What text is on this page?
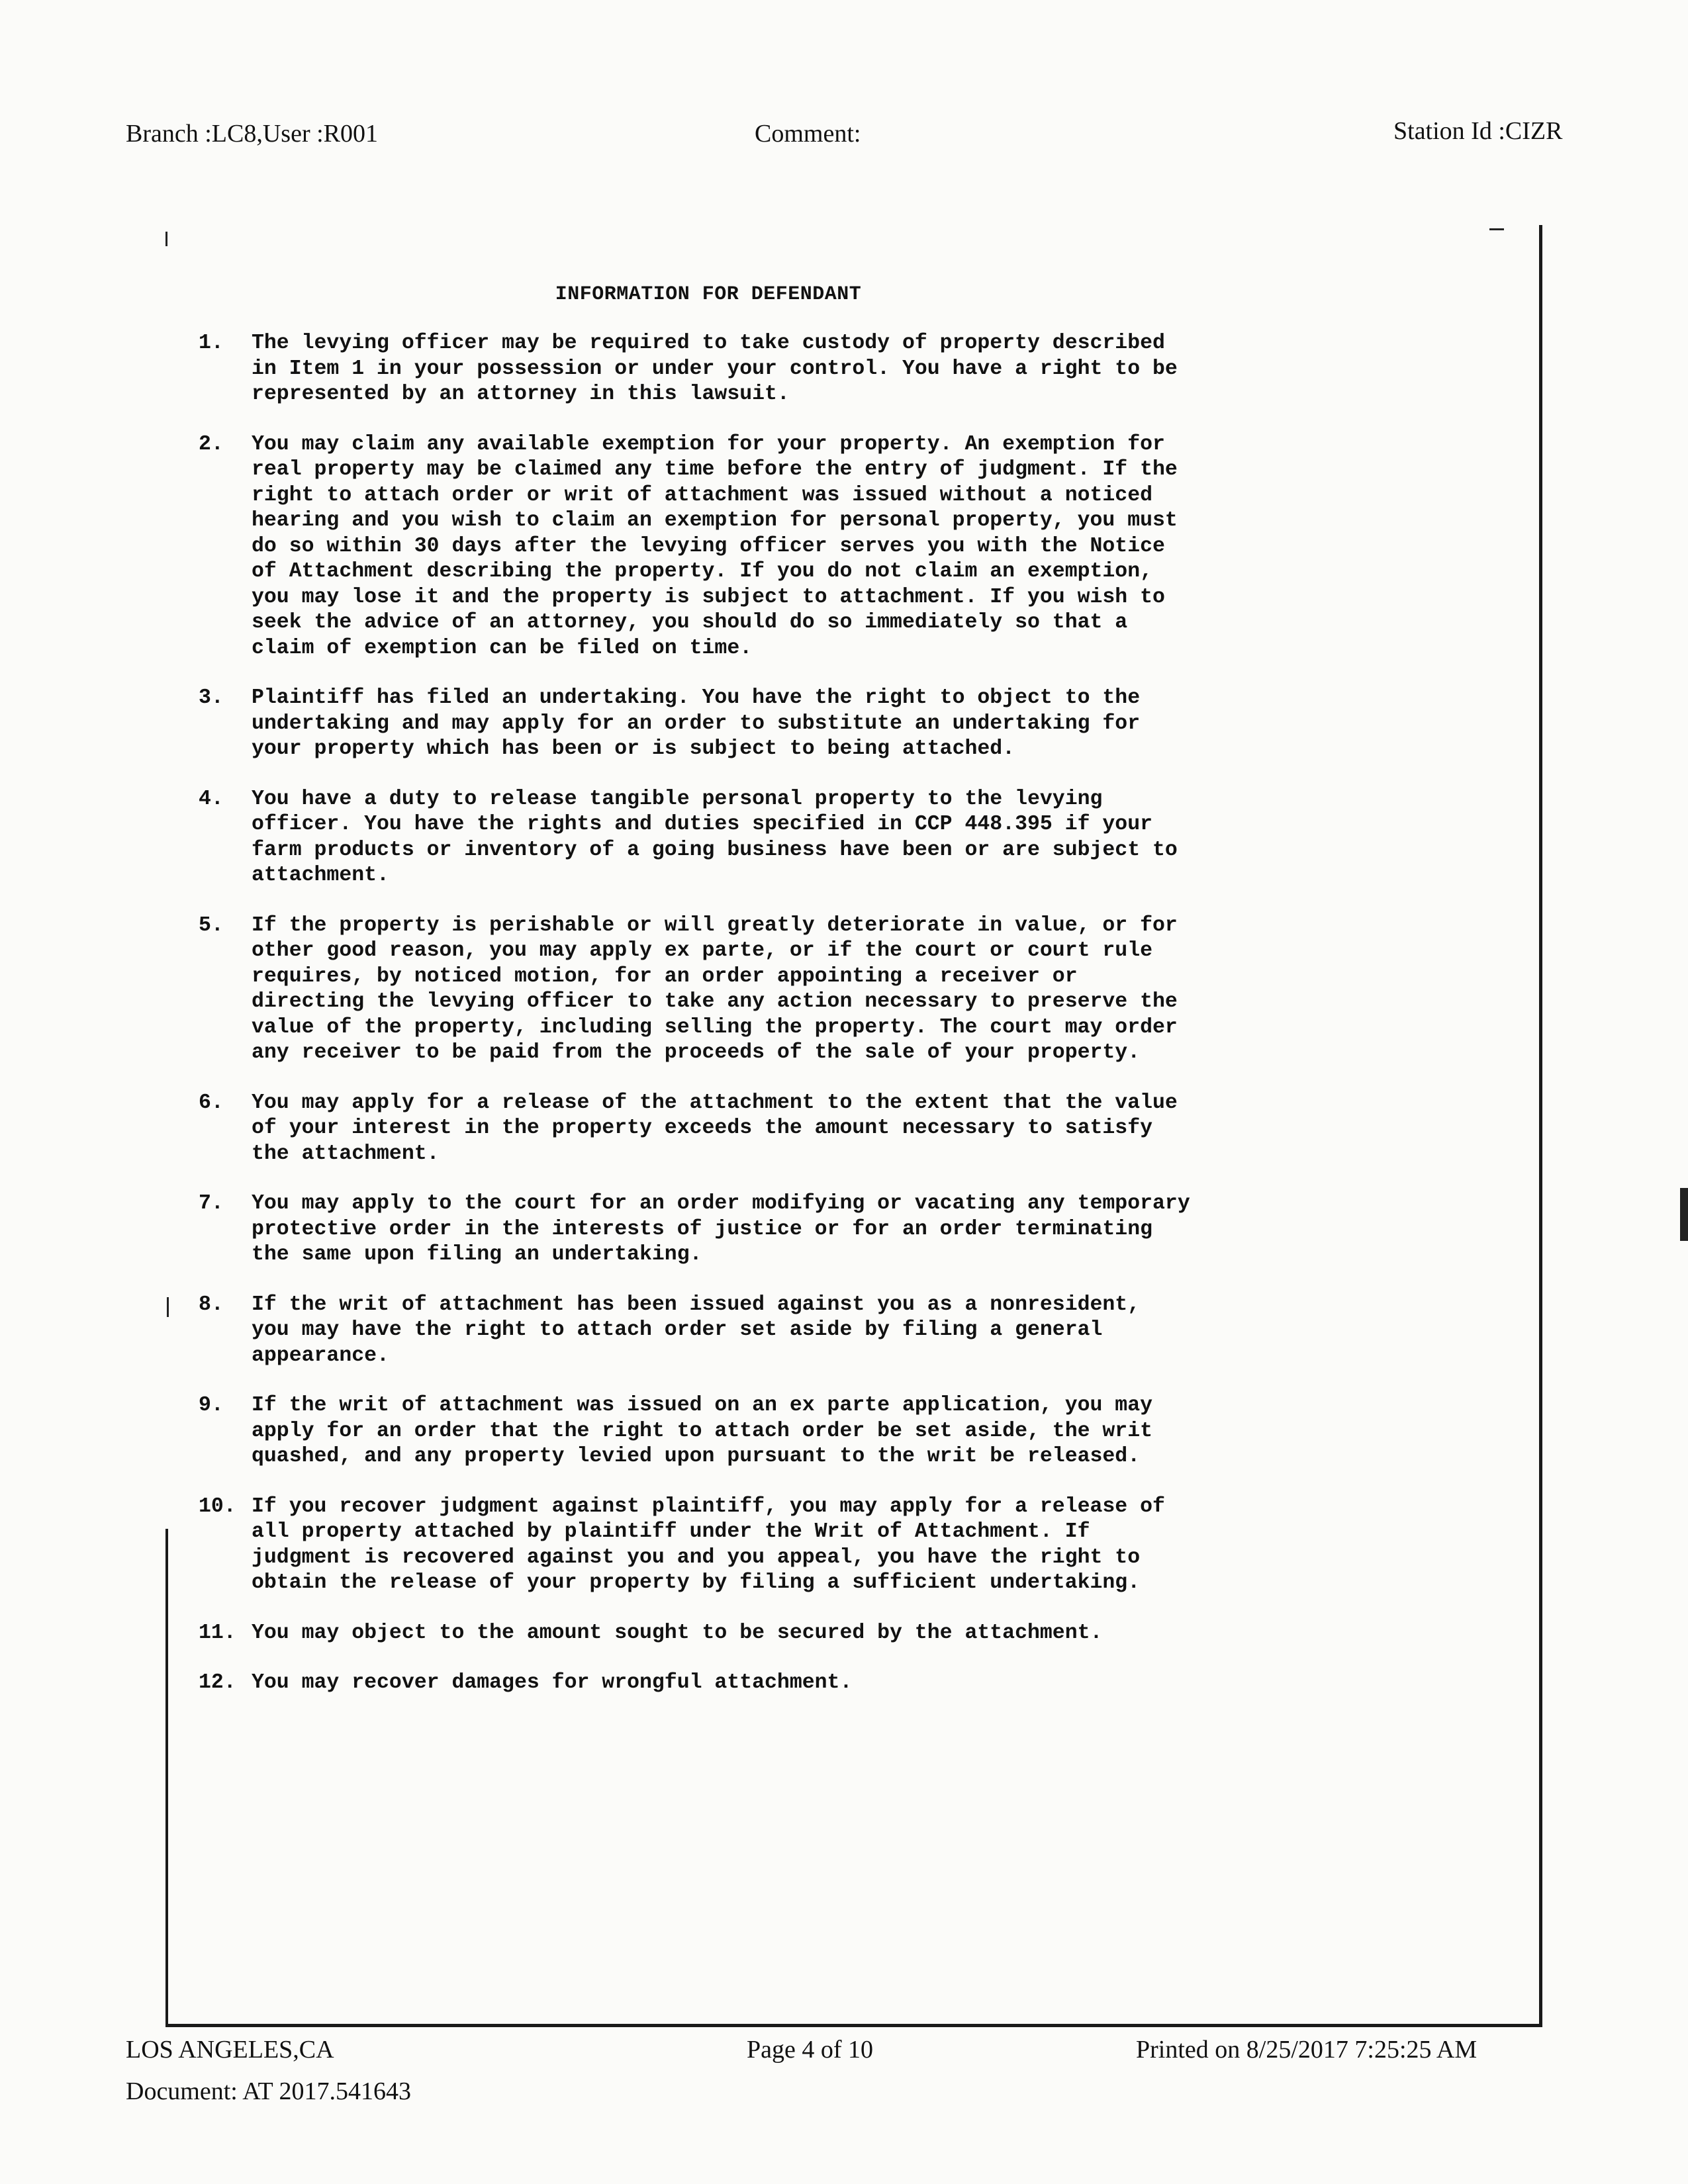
Branch :LC8,User :R001	Comment:	Station Id :CIZR
INFORMATION FOR DEFENDANT
1.	The levying officer may be required to take custody of property described
in Item 1 in your possession or under your control. You have a right to be
represented by an attorney in this lawsuit.
2.	You may claim any available exemption for your property. An exemption for
real property may be claimed any time before the entry of judgment. If the
right to attach order or writ of attachment was issued without a noticed
hearing and you wish to claim an exemption for personal property, you must
do so within 30 days after the levying officer serves you with the Notice
of Attachment describing the property. If you do not claim an exemption,
you may lose it and the property is subject to attachment. If you wish to
seek the advice of an attorney, you should do so immediately so that a
claim of exemption can be filed on time.
3.	Plaintiff has filed an undertaking. You have the right to object to the
undertaking and may apply for an order to substitute an undertaking for
your property which has been or is subject to being attached.
4.	You have a duty to release tangible personal property to the levying
officer. You have the rights and duties specified in CCP 448.395 if your
farm products or inventory of a going business have been or are subject to
attachment.
5.	If the property is perishable or will greatly deteriorate in value, or for
other good reason, you may apply ex parte, or if the court or court rule
requires, by noticed motion, for an order appointing a receiver or
directing the levying officer to take any action necessary to preserve the
value of the property, including selling the property. The court may order
any receiver to be paid from the proceeds of the sale of your property.
6.	You may apply for a release of the attachment to the extent that the value
of your interest in the property exceeds the amount necessary to satisfy
the attachment.
7.	You may apply to the court for an order modifying or vacating any temporary
protective order in the interests of justice or for an order terminating
the same upon filing an undertaking.
8.	If the writ of attachment has been issued against you as a nonresident,
you may have the right to attach order set aside by filing a general
appearance.
9.	If the writ of attachment was issued on an ex parte application, you may
apply for an order that the right to attach order be set aside, the writ
quashed, and any property levied upon pursuant to the writ be released.
10. If you recover judgment against plaintiff, you may apply for a release of
all property attached by plaintiff under the Writ of Attachment. If
judgment is recovered against you and you appeal, you have the right to
obtain the release of your property by filing a sufficient undertaking.
11. You may object to the amount sought to be secured by the attachment.
12. You may recover damages for wrongful attachment.
LOS ANGELES,CA
Document: AT 2017.541643
Page 4 of 10	Printed on 8/25/2017 7:25:25 AM
